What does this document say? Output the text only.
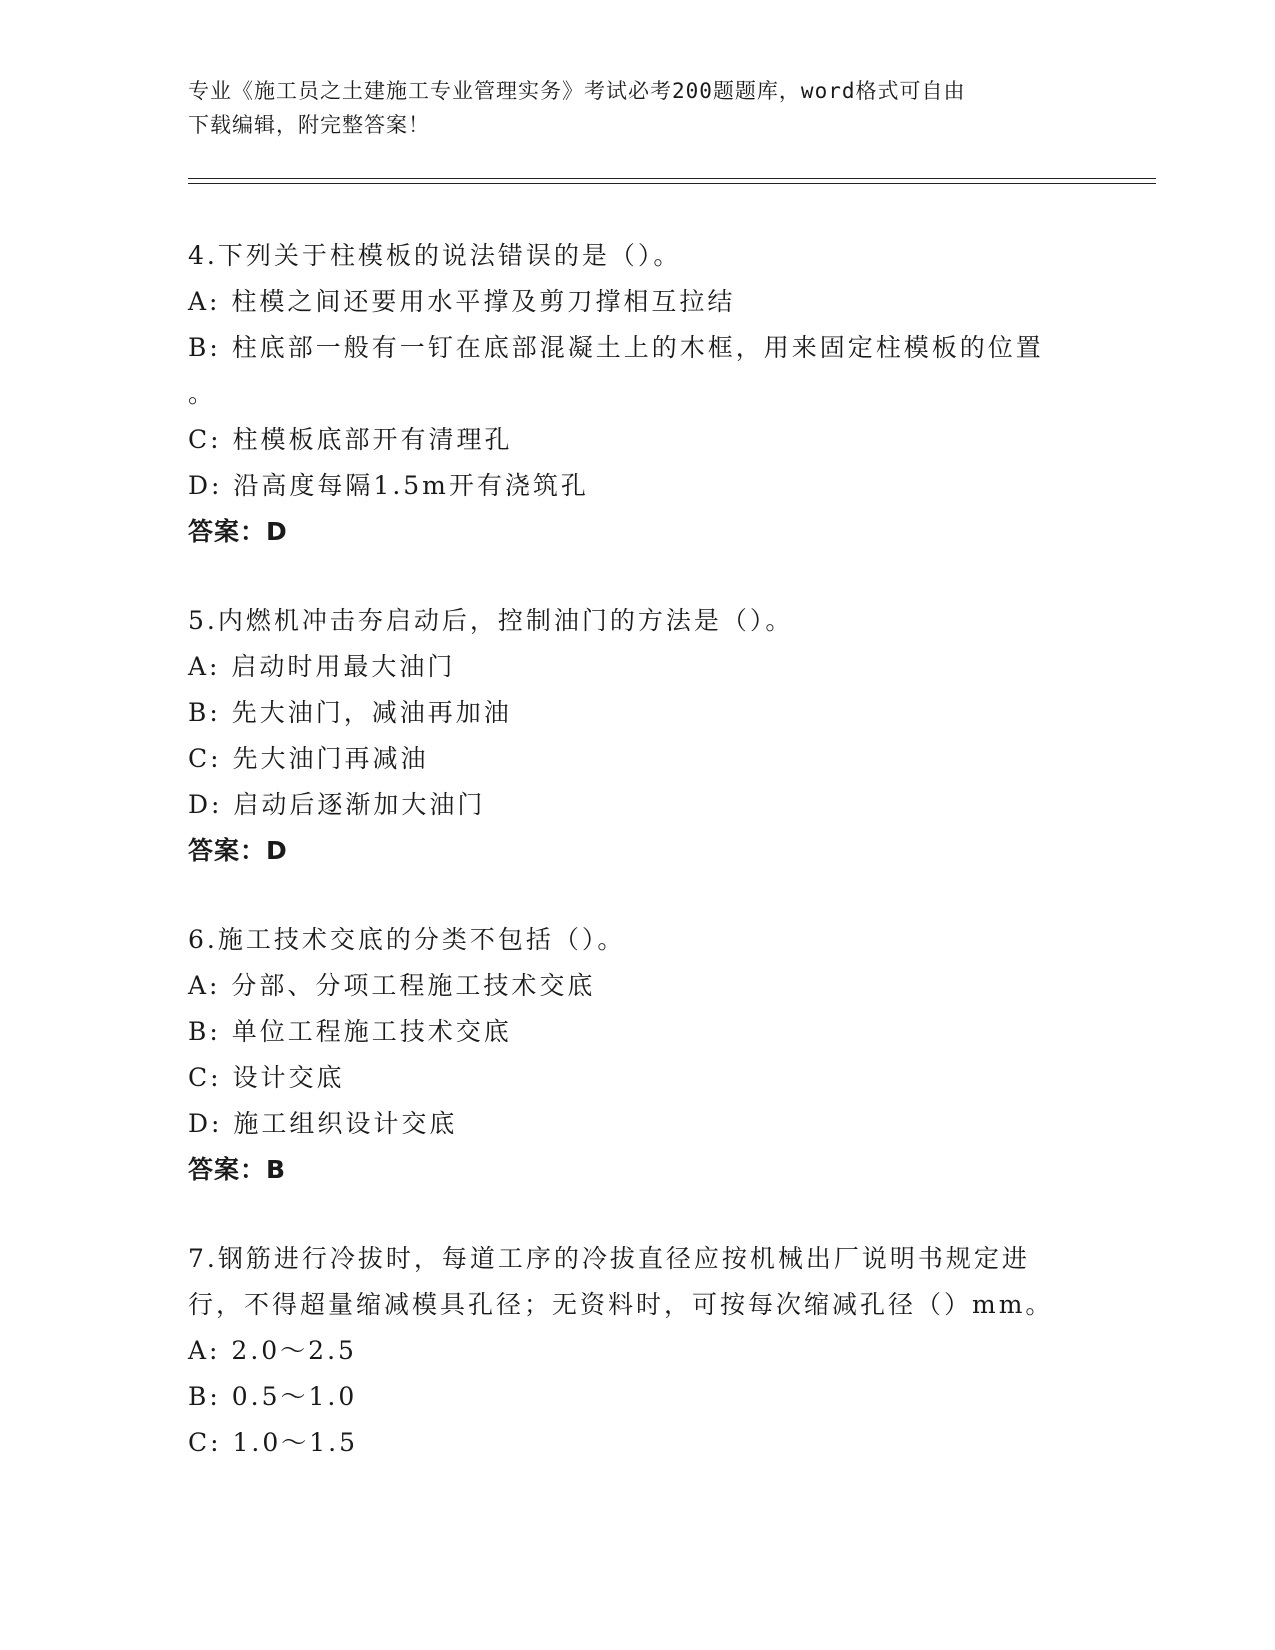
专业《施工员之土建施工专业管理实务》考试必考200题题库，word格式可自由
下载编辑，附完整答案！
4.下列关于柱模板的说法错误的是（）。
A: 柱模之间还要用水平撑及剪刀撑相互拉结
B: 柱底部一般有一钉在底部混凝土上的木框，用来固定柱模板的位置
。
C: 柱模板底部开有清理孔
D: 沿高度每隔1.5m开有浇筑孔
答案：D
5.内燃机冲击夯启动后，控制油门的方法是（）。
A: 启动时用最大油门
B: 先大油门，减油再加油
C: 先大油门再减油
D: 启动后逐渐加大油门
答案：D
6.施工技术交底的分类不包括（）。
A: 分部、分项工程施工技术交底
B: 单位工程施工技术交底
C: 设计交底
D: 施工组织设计交底
答案：B
7.钢筋进行冷拔时，每道工序的冷拔直径应按机械出厂说明书规定进
行，不得超量缩减模具孔径；无资料时，可按每次缩减孔径（）mm。
A: 2.0～2.5
B: 0.5～1.0
C: 1.0～1.5
